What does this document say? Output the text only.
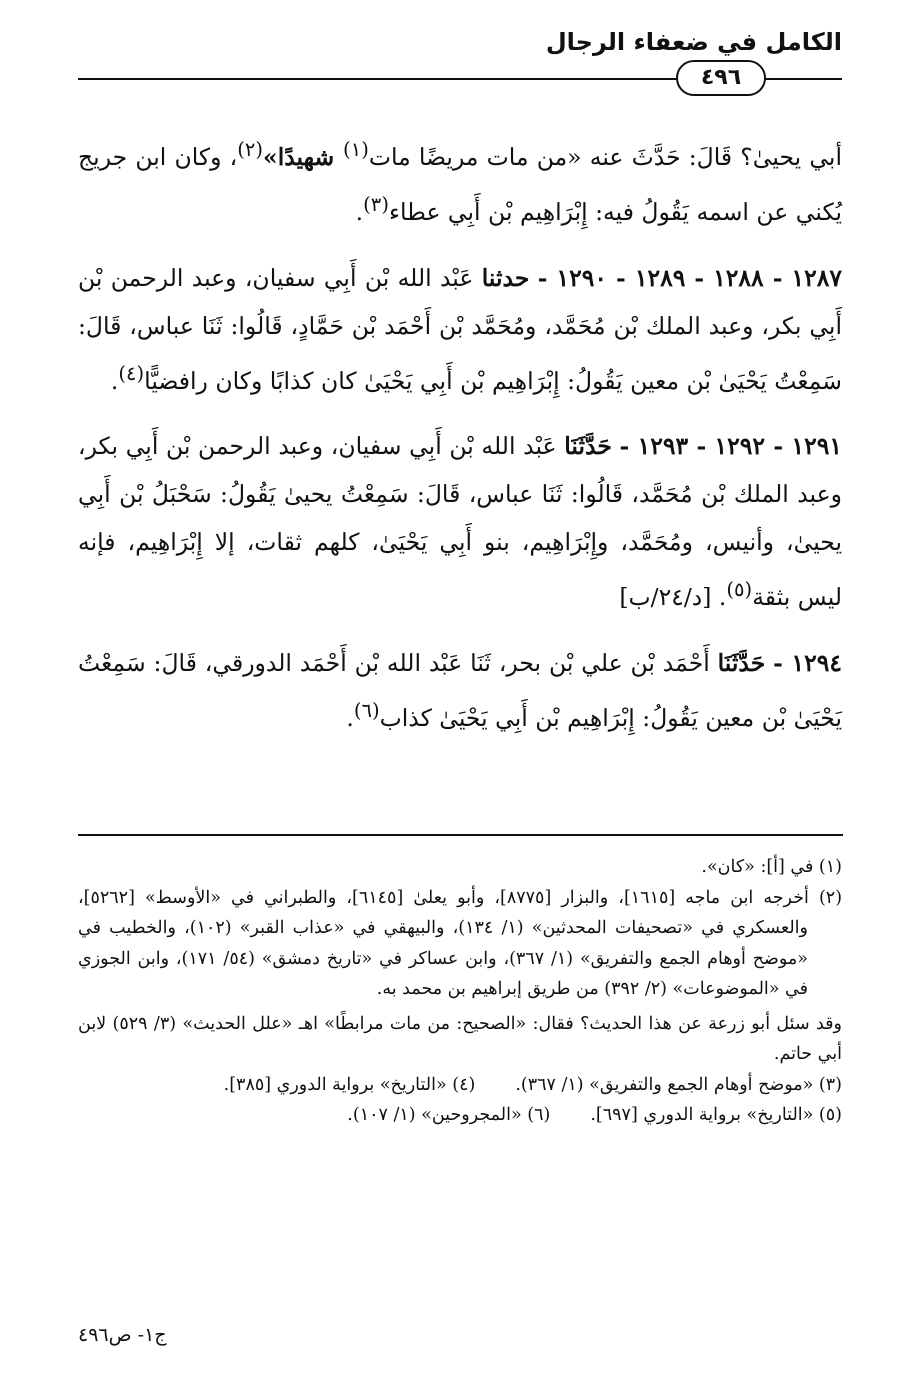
الكامل في ضعفاء الرجال
٤٩٦

أبي يحيىٰ؟ قَالَ: حَدَّثَ عنه «من مات مريضًا مات$^{(١)}$ شهيدًا»$^{(٢)}$، وكان ابن جريج يُكني عن اسمه يَقُولُ فيه: إِبْرَاهِيم بْن أَبِي عطاء$^{(٣)}$.

١٢٨٧ - ١٢٨٨ - ١٢٨٩ - ١٢٩٠ - حدثنا عَبْد الله بْن أَبِي سفيان، وعبد الرحمن بْن أَبِي بكر، وعبد الملك بْن مُحَمَّد، ومُحَمَّد بْن أَحْمَد بْن حَمَّادٍ، قَالُوا: ثَنَا عباس، قَالَ: سَمِعْتُ يَحْيَىٰ بْن معين يَقُولُ: إِبْرَاهِيم بْن أَبِي يَحْيَىٰ كان كذابًا وكان رافضيًّا$^{(٤)}$.

١٢٩١ - ١٢٩٢ - ١٢٩٣ - حَدَّثَنَا عَبْد الله بْن أَبِي سفيان، وعبد الرحمن بْن أَبِي بكر، وعبد الملك بْن مُحَمَّد، قَالُوا: ثَنَا عباس، قَالَ: سَمِعْتُ يحيىٰ يَقُولُ: سَحْبَلُ بْن أَبِي يحيىٰ، وأنيس، ومُحَمَّد، وإِبْرَاهِيم، بنو أَبِي يَحْيَىٰ، كلهم ثقات، إلا إِبْرَاهِيم، فإنه ليس بثقة$^{(٥)}$. [د/٢٤/ب]

١٢٩٤ - حَدَّثَنَا أَحْمَد بْن علي بْن بحر، ثَنَا عَبْد الله بْن أَحْمَد الدورقي، قَالَ: سَمِعْتُ يَحْيَىٰ بْن معين يَقُولُ: إِبْرَاهِيم بْن أَبِي يَحْيَىٰ كذاب$^{(٦)}$.

(١) في [أ]: «كان».

(٢) أخرجه ابن ماجه [١٦١٥]، والبزار [٨٧٧٥]، وأبو يعلىٰ [٦١٤٥]، والطبراني في «الأوسط» [٥٢٦٢]، والعسكري في «تصحيفات المحدثين» (١/ ١٣٤)، والبيهقي في «عذاب القبر» (١٠٢)، والخطيب في «موضح أوهام الجمع والتفريق» (١/ ٣٦٧)، وابن عساكر في «تاريخ دمشق» (٥٤/ ١٧١)، وابن الجوزي في «الموضوعات» (٢/ ٣٩٢) من طريق إبراهيم بن محمد به.

وقد سئل أبو زرعة عن هذا الحديث؟ فقال: «الصحيح: من مات مرابطًا» اهـ «علل الحديث» (٣/ ٥٢٩) لابن أبي حاتم.

(٣) «موضح أوهام الجمع والتفريق» (١/ ٣٦٧).
(٤) «التاريخ» برواية الدوري [٣٨٥].
(٥) «التاريخ» برواية الدوري [٦٩٧].
(٦) «المجروحين» (١/ ١٠٧).
ج١- ص٤٩٦
